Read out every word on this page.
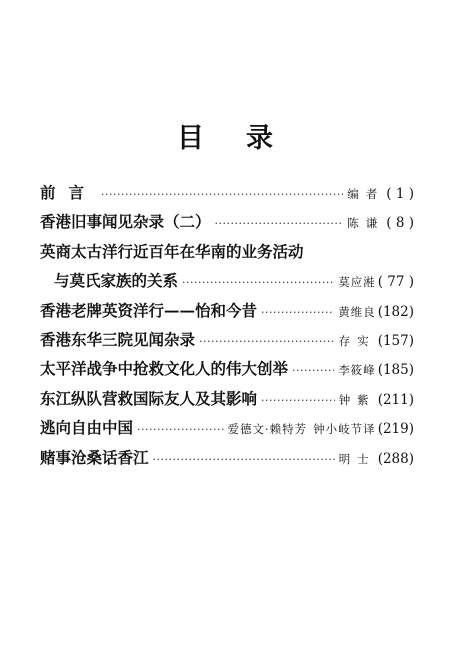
目录
前言 ·····	编者 ( 1 )
香港旧事闻见杂录（二） ·····	陈谦 ( 8 )
英商太古洋行近百年在华南的业务活动
与莫氏家族的关系 ·····	莫应溎 ( 77 )
香港老牌英资洋行——怡和今昔 ·····	黄维良 (182)
香港东华三院见闻杂录 ·····	存实 (157)
太平洋战争中抢救文化人的伟大创举 ·····	李筱峰 (185)
东江纵队营救国际友人及其影响 ·····	钟紫 (211)
逃向自由中国 ·····	爱德文·赖特芳 钟小岐节译 (219)
赌事沧桑话香江 ·····	明士 (288)
